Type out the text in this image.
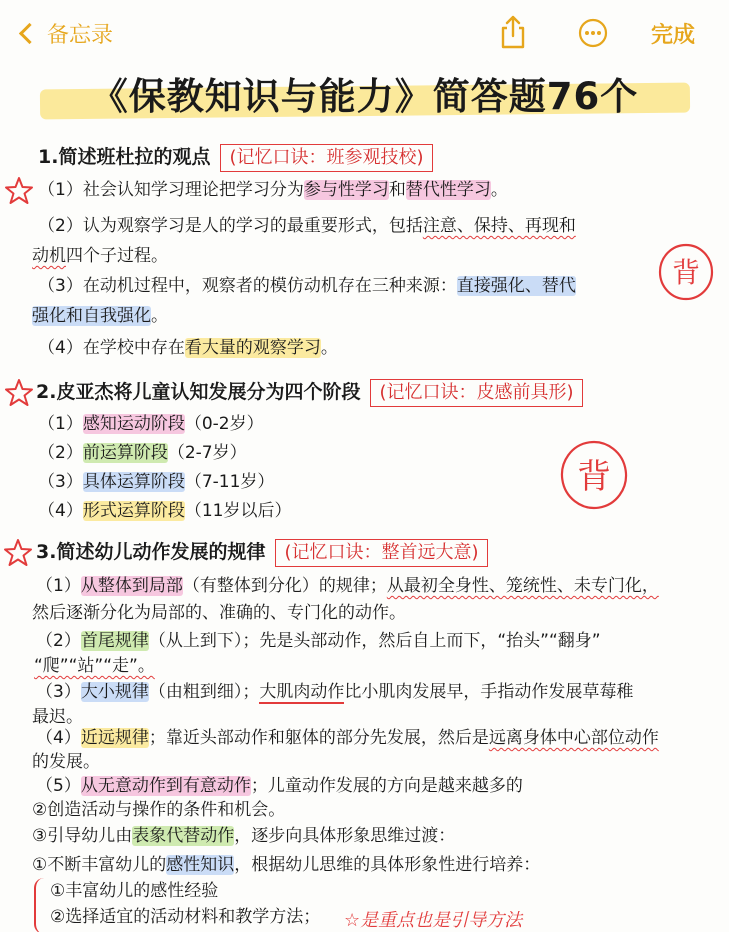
备忘录	完成
《保教知识与能力》简答题76个
1.简述班杜拉的观点 (记忆口诀：班参观技校)
（1）社会认知学习理论把学习分为参与性学习和替代性学习。
（2）认为观察学习是人的学习的最重要形式，包括注意、保持、再现和
动机四个子过程。
（3）在动机过程中，观察者的模仿动机存在三种来源：直接强化、替代
强化和自我强化。
（4）在学校中存在看大量的观察学习。
背
2.皮亚杰将儿童认知发展分为四个阶段 (记忆口诀：皮感前具形)
（1）感知运动阶段（0-2岁）
（2）前运算阶段（2-7岁）
（3）具体运算阶段（7-11岁）
（4）形式运算阶段（11岁以后）
背
3.简述幼儿动作发展的规律 (记忆口诀：整首远大意)
（1）从整体到局部（有整体到分化）的规律；从最初全身性、笼统性、未专门化，
然后逐渐分化为局部的、准确的、专门化的动作。
（2）首尾规律（从上到下）；先是头部动作，然后自上而下，“抬头”“翻身”
“爬”“站”“走”。
（3）大小规律（由粗到细）；大肌肉动作比小肌肉发展早，手指动作发展草莓稚
最迟。
（4）近远规律；靠近头部动作和躯体的部分先发展，然后是远离身体中心部位动作
的发展。
（5）从无意动作到有意动作；儿童动作发展的方向是越来越多的
②创造活动与操作的条件和机会。
③引导幼儿由表象代替动作，逐步向具体形象思维过渡：
①不断丰富幼儿的感性知识，根据幼儿思维的具体形象性进行培养：
①丰富幼儿的感性经验
②选择适宜的活动材料和教学方法； ☆是重点也是引导方法
